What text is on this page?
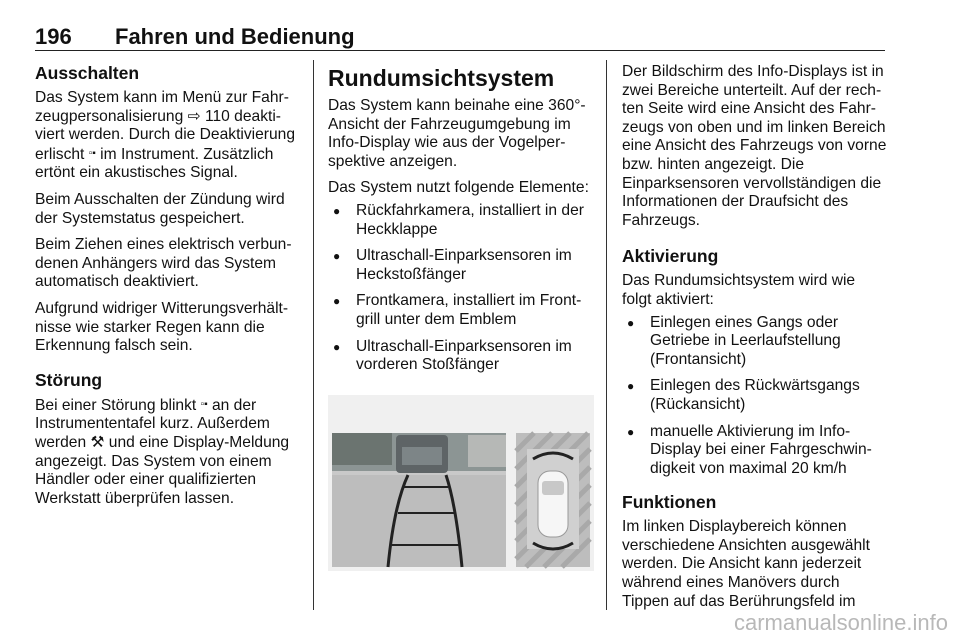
196 Fahren und Bedienung
Ausschalten

Das System kann im Menü zur Fahr-zeugpersonalisierung ⇨ 110 deakti-viert werden. Durch die Deaktivierung erlischt ▫▪ im Instrument. Zusätzlich ertönt ein akustisches Signal.

Beim Ausschalten der Zündung wird der Systemstatus gespeichert.

Beim Ziehen eines elektrisch verbun-denen Anhängers wird das System automatisch deaktiviert.

Aufgrund widriger Witterungsverhält-nisse wie starker Regen kann die Erkennung falsch sein.

Störung

Bei einer Störung blinkt ▫▪ an der Instrumententafel kurz. Außerdem werden ⚒ und eine Display-Meldung angezeigt. Das System von einem Händler oder einer qualifizierten Werkstatt überprüfen lassen.

Rundumsichtsystem

Das System kann beinahe eine 360°-Ansicht der Fahrzeugumgebung im Info-Display wie aus der Vogelper-spektive anzeigen.

Das System nutzt folgende Elemente:

● Rückfahrkamera, installiert in der Heckklappe
● Ultraschall-Einparksensoren im Heckstoßfänger
● Frontkamera, installiert im Front-grill unter dem Emblem
● Ultraschall-Einparksensoren im vorderen Stoßfänger

Der Bildschirm des Info-Displays ist in zwei Bereiche unterteilt. Auf der rech-ten Seite wird eine Ansicht des Fahr-zeugs von oben und im linken Bereich eine Ansicht des Fahrzeugs von vorne bzw. hinten angezeigt. Die Einparksensoren vervollständigen die Informationen der Draufsicht des Fahrzeugs.

Aktivierung

Das Rundumsichtsystem wird wie folgt aktiviert:

● Einlegen eines Gangs oder Getriebe in Leerlaufstellung (Frontansicht)
● Einlegen des Rückwärtsgangs (Rückansicht)
● manuelle Aktivierung im Info-Display bei einer Fahrgeschwin-digkeit von maximal 20 km/h
Funktionen

Im linken Displaybereich können verschiedene Ansichten ausgewählt werden. Die Ansicht kann jederzeit während eines Manövers durch Tippen auf das Berührungsfeld im

carmanualsonline.info
